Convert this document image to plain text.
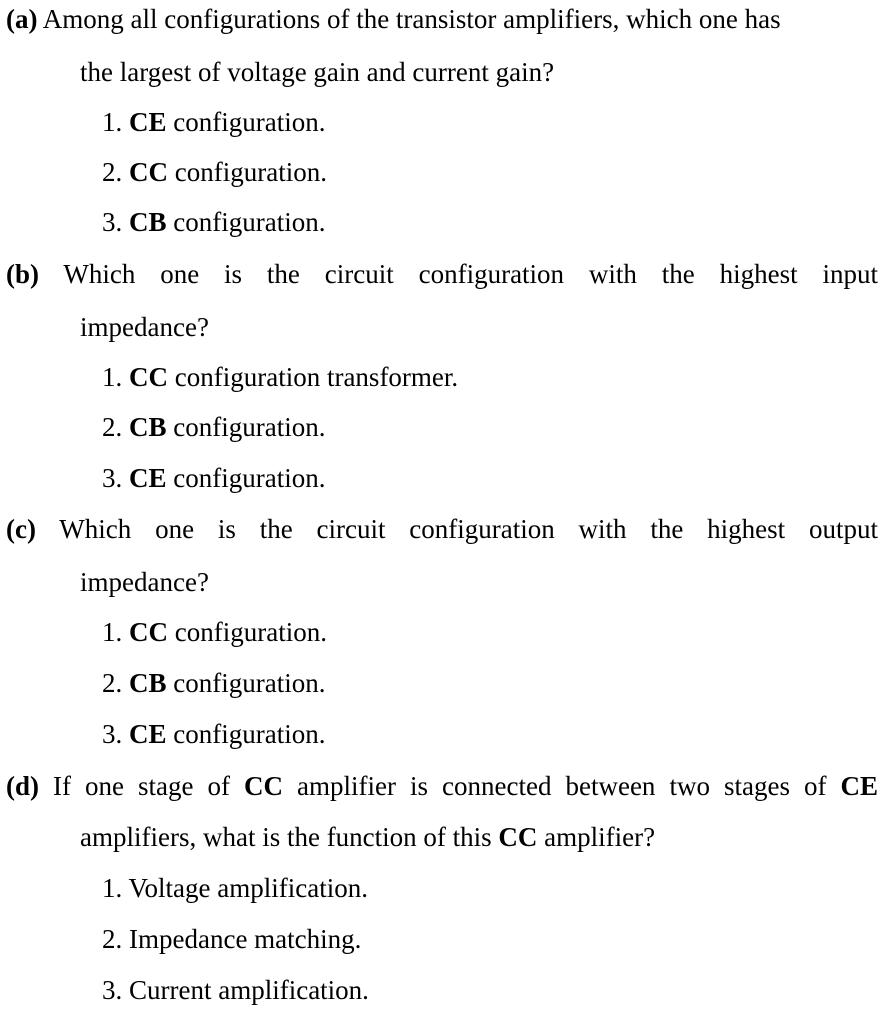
(a) Among all configurations of the transistor amplifiers, which one has
the largest of voltage gain and current gain?
1. CE configuration.
2. CC configuration.
3. CB configuration.
(b) Which one is the circuit configuration with the highest input
impedance?
1. CC configuration transformer.
2. CB configuration.
3. CE configuration.
(c) Which one is the circuit configuration with the highest output
impedance?
1. CC configuration.
2. CB configuration.
3. CE configuration.
(d) If one stage of CC amplifier is connected between two stages of CE
amplifiers, what is the function of this CC amplifier?
1. Voltage amplification.
2. Impedance matching.
3. Current amplification.
